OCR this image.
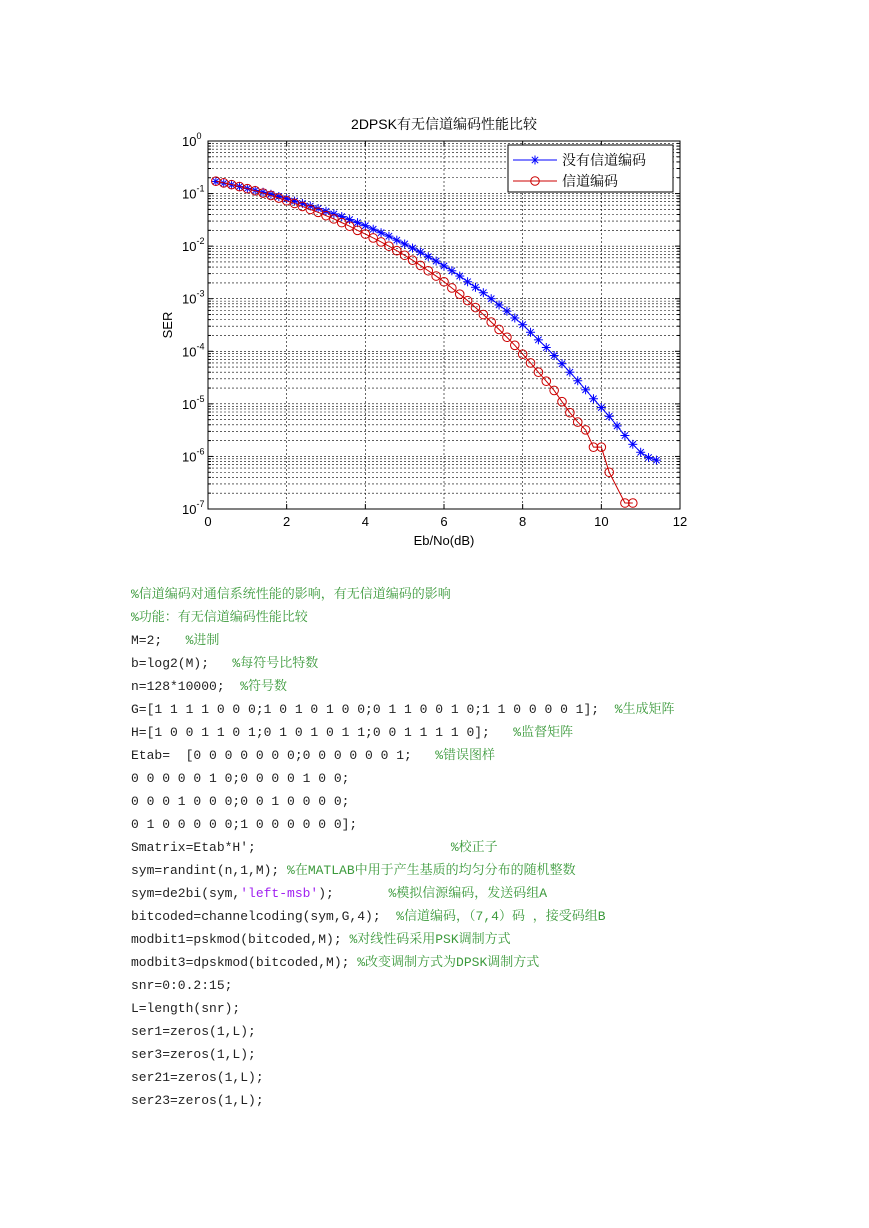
0	2	4	6	8	10	12
$10^0$
$10^{-1}$
$10^{-2}$
$10^{-3}$
$10^{-4}$
$10^{-5}$
$10^{-6}$
$10^{-7}$
2DPSK有无信道编码性能比较
Eb/No(dB)
SER
没有信道编码
信道编码
%信道编码对通信系统性能的影响，有无信道编码的影响
%功能：有无信道编码性能比较
M=2;   %进制
b=log2(M);   %每符号比特数
n=128*10000;  %符号数
G=[1 1 1 1 0 0 0;1 0 1 0 1 0 0;0 1 1 0 0 1 0;1 1 0 0 0 0 1];  %生成矩阵
H=[1 0 0 1 1 0 1;0 1 0 1 0 1 1;0 0 1 1 1 1 0];   %监督矩阵
Etab=  [0 0 0 0 0 0 0;0 0 0 0 0 0 1;   %错误图样
0 0 0 0 0 1 0;0 0 0 0 1 0 0;
0 0 0 1 0 0 0;0 0 1 0 0 0 0;
0 1 0 0 0 0 0;1 0 0 0 0 0 0];
Smatrix=Etab*H';                         %校正子
sym=randint(n,1,M); %在MATLAB中用于产生基质的均匀分布的随机整数
sym=de2bi(sym,'left-msb');       %模拟信源编码，发送码组A
bitcoded=channelcoding(sym,G,4);  %信道编码，（7,4）码 ，接受码组B
modbit1=pskmod(bitcoded,M); %对线性码采用PSK调制方式
modbit3=dpskmod(bitcoded,M); %改变调制方式为DPSK调制方式
snr=0:0.2:15;
L=length(snr);
ser1=zeros(1,L);
ser3=zeros(1,L);
ser21=zeros(1,L);
ser23=zeros(1,L);
